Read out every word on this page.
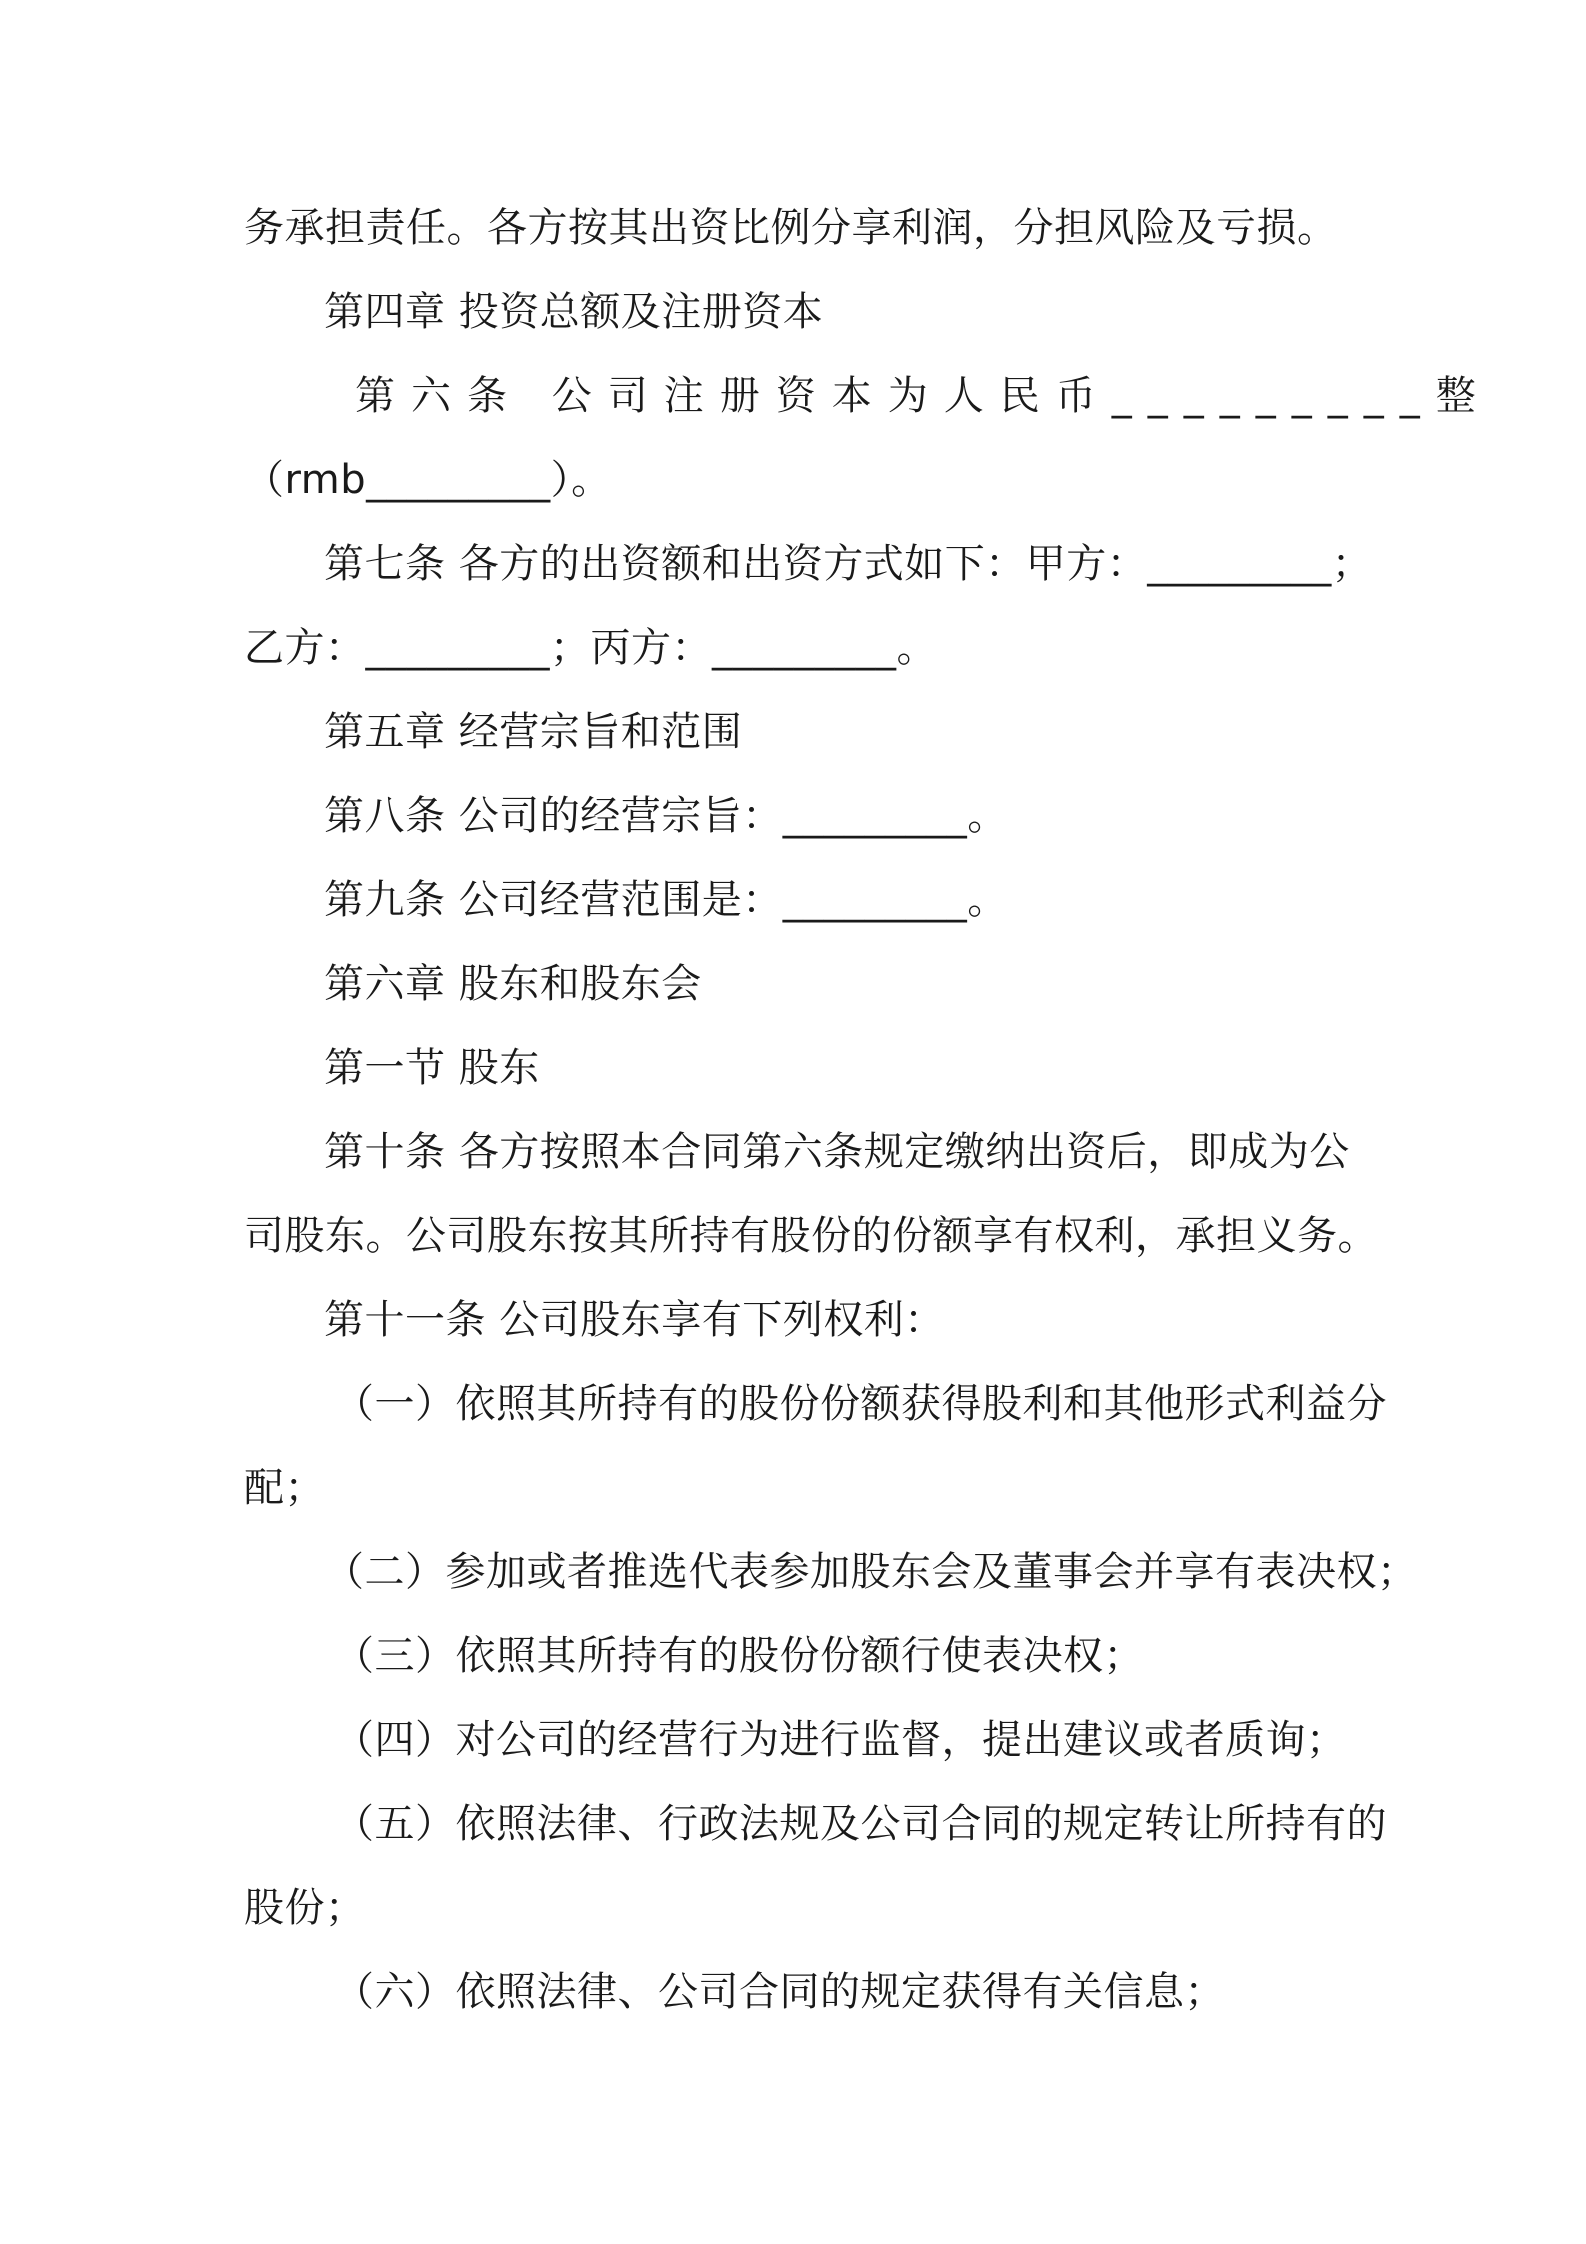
务承担责任。各方按其出资比例分享利润，分担风险及亏损。
第四章 投资总额及注册资本
第六条 公司注册资本为人民币_________整
（rmb_________）。
第七条 各方的出资额和出资方式如下：甲方：_________；
乙方：_________；丙方：_________。
第五章 经营宗旨和范围
第八条 公司的经营宗旨：_________。
第九条 公司经营范围是：_________。
第六章 股东和股东会
第一节 股东
第十条 各方按照本合同第六条规定缴纳出资后，即成为公
司股东。公司股东按其所持有股份的份额享有权利，承担义务。
第十一条 公司股东享有下列权利：
（一）依照其所持有的股份份额获得股利和其他形式利益分
配；
（二）参加或者推选代表参加股东会及董事会并享有表决权；
（三）依照其所持有的股份份额行使表决权；
（四）对公司的经营行为进行监督，提出建议或者质询；
（五）依照法律、行政法规及公司合同的规定转让所持有的
股份；
（六）依照法律、公司合同的规定获得有关信息；
